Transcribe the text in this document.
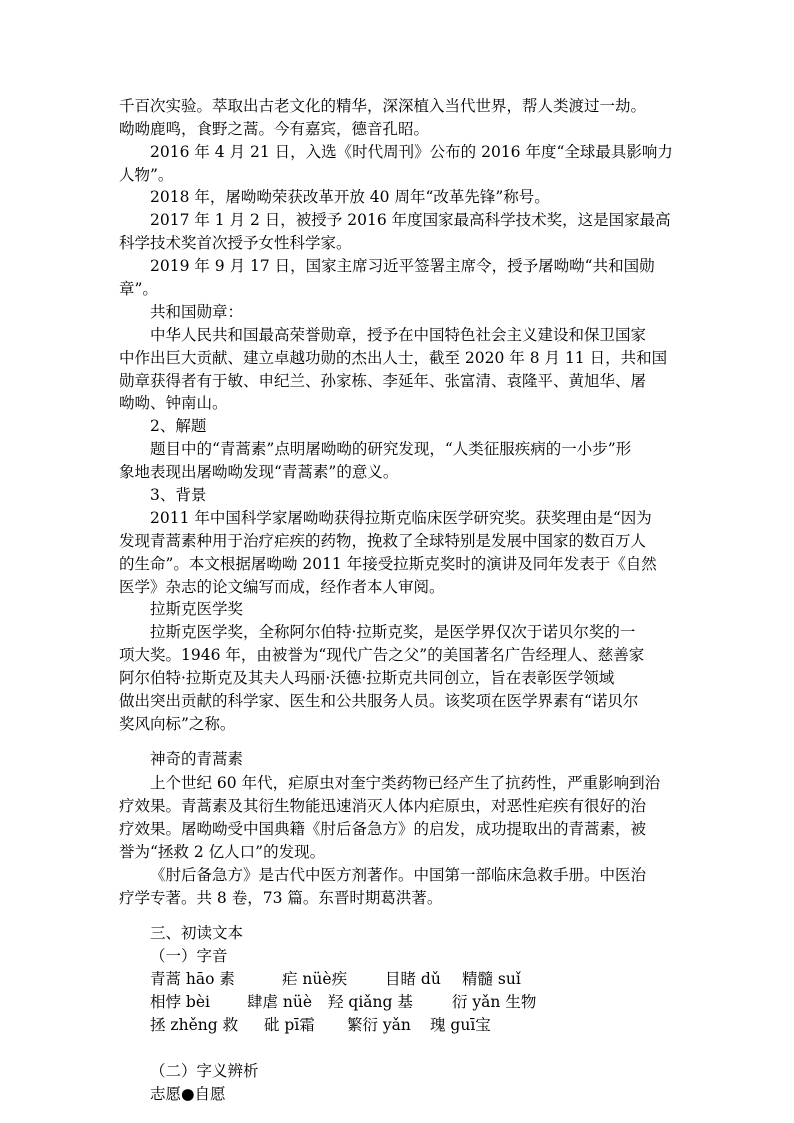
千百次实验。萃取出古老文化的精华，深深植入当代世界，帮人类渡过一劫。
呦呦鹿鸣，食野之蒿。今有嘉宾，德音孔昭。
2016 年 4 月 21 日，入选《时代周刊》公布的 2016 年度“全球最具影响力
人物”。
2018 年，屠呦呦荣获改革开放 40 周年“改革先锋”称号。
2017 年 1 月 2 日，被授予 2016 年度国家最高科学技术奖，这是国家最高
科学技术奖首次授予女性科学家。
2019 年 9 月 17 日，国家主席习近平签署主席令，授予屠呦呦“共和国勋
章”。
共和国勋章：
中华人民共和国最高荣誉勋章，授予在中国特色社会主义建设和保卫国家
中作出巨大贡献、建立卓越功勋的杰出人士，截至 2020 年 8 月 11 日，共和国
勋章获得者有于敏、申纪兰、孙家栋、李延年、张富清、袁隆平、黄旭华、屠
呦呦、钟南山。
2、解题
题目中的“青蒿素”点明屠呦呦的研究发现，“人类征服疾病的一小步”形
象地表现出屠呦呦发现“青蒿素”的意义。
3、背景
2011 年中国科学家屠呦呦获得拉斯克临床医学研究奖。获奖理由是“因为
发现青蒿素种用于治疗疟疾的药物，挽救了全球特别是发展中国家的数百万人
的生命”。本文根据屠呦呦 2011 年接受拉斯克奖时的演讲及同年发表于《自然
医学》杂志的论文编写而成，经作者本人审阅。
拉斯克医学奖
拉斯克医学奖，全称阿尔伯特·拉斯克奖，是医学界仅次于诺贝尔奖的一
项大奖。1946 年，由被誉为“现代广告之父”的美国著名广告经理人、慈善家
阿尔伯特·拉斯克及其夫人玛丽·沃德·拉斯克共同创立，旨在表彰医学领域
做出突出贡献的科学家、医生和公共服务人员。该奖项在医学界素有“诺贝尔
奖风向标”之称。
神奇的青蒿素
上个世纪 60 年代，疟原虫对奎宁类药物已经产生了抗药性，严重影响到治
疗效果。青蒿素及其衍生物能迅速消灭人体内疟原虫，对恶性疟疾有很好的治
疗效果。屠呦呦受中国典籍《肘后备急方》的启发，成功提取出的青蒿素，被
誉为“拯救 2 亿人口”的发现。
《肘后备急方》是古代中医方剂著作。中国第一部临床急救手册。中医治
疗学专著。共 8 卷，73 篇。东晋时期葛洪著。
三、初读文本
（一）字音
青蒿 hāo 素	疟 nüè疾 目睹 dǔ 精髓 suǐ
相悖 bèi 肆虐 nüè 羟 qiǎng 基	衍 yǎn 生物
拯 zhěng 救 砒 pī霜 繁衍 yǎn 瑰 guī宝
（二）字义辨析
志愿●自愿
